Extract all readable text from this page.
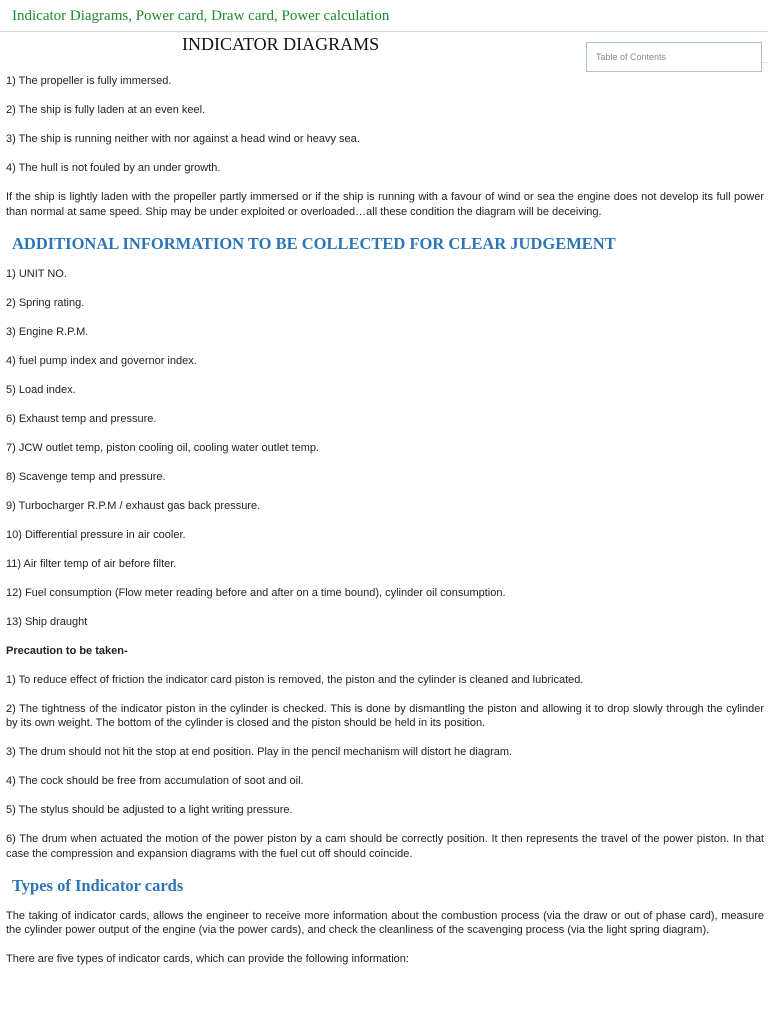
Indicator Diagrams, Power card, Draw card, Power calculation
INDICATOR DIAGRAMS
Table of Contents

1) The propeller is fully immersed.

2) The ship is fully laden at an even keel.

3) The ship is running neither with nor against a head wind or heavy sea.

4) The hull is not fouled by an under growth.

If the ship is lightly laden with the propeller partly immersed or if the ship is running with a favour of wind or sea the engine does not develop its full power than normal at same speed. Ship may be under exploited or overloaded…all these condition the diagram will be deceiving.

ADDITIONAL INFORMATION TO BE COLLECTED FOR CLEAR JUDGEMENT

1) UNIT NO.

2) Spring rating.

3) Engine R.P.M.

4) fuel pump index and governor index.

5) Load index.

6) Exhaust temp and pressure.

7) JCW outlet temp, piston cooling oil, cooling water outlet temp.

8) Scavenge temp and pressure.

9) Turbocharger R.P.M / exhaust gas back pressure.

10) Differential pressure in air cooler.

11) Air filter temp of air before filter.

12) Fuel consumption (Flow meter reading before and after on a time bound), cylinder oil consumption.

13) Ship draught

Precaution to be taken-

1) To reduce effect of friction the indicator card piston is removed, the piston and the cylinder is cleaned and lubricated.

2) The tightness of the indicator piston in the cylinder is checked. This is done by dismantling the piston and allowing it to drop slowly through the cylinder by its own weight. The bottom of the cylinder is closed and the piston should be held in its position.

3) The drum should not hit the stop at end position. Play in the pencil mechanism will distort he diagram.

4) The cock should be free from accumulation of soot and oil.

5) The stylus should be adjusted to a light writing pressure.

6) The drum when actuated the motion of the power piston by a cam should be correctly position. It then represents the travel of the power piston. In that case the compression and expansion diagrams with the fuel cut off should coincide.

Types of Indicator cards

The taking of indicator cards, allows the engineer to receive more information about the combustion process (via the draw or out of phase card), measure the cylinder power output of the engine (via the power cards), and check the cleanliness of the scavenging process (via the light spring diagram).

There are five types of indicator cards, which can provide the following information:
